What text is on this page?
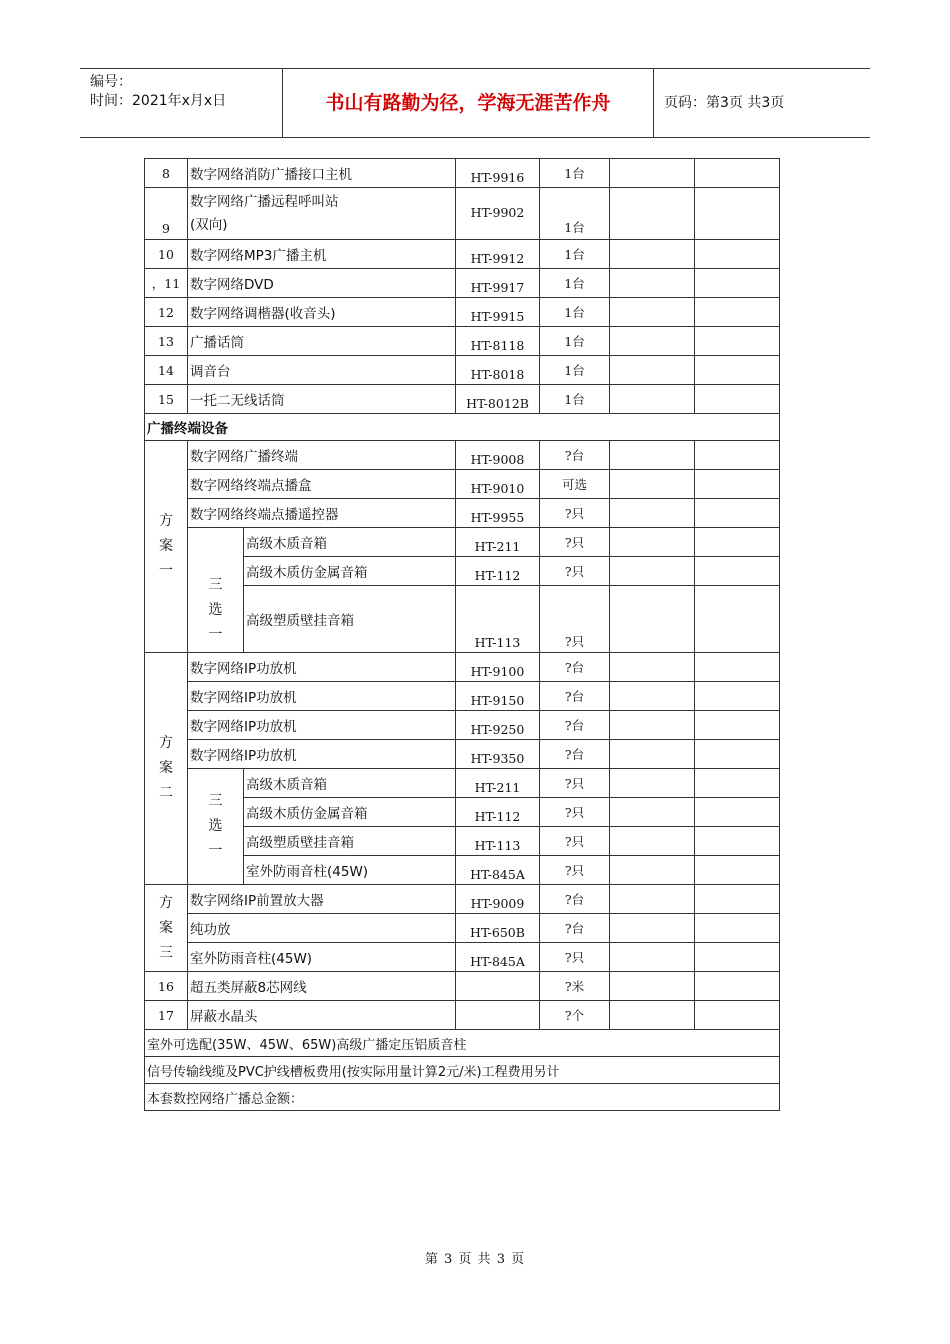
编号：
时间：2021年x月x日	书山有路勤为径，学海无涯苦作舟	页码：第3页 共3页
8	数字网络消防广播接口主机		HT-9916	1台		
9	数字网络广播远程呼叫站
(双向)		HT-9902	1台		
10	数字网络MP3广播主机		HT-9912	1台		
，11	数字网络DVD		HT-9917	1台		
12	数字网络调楷器(收音头)		HT-9915	1台		
13	广播话筒		HT-8118	1台		
14	调音台		HT-8018	1台		
15	一托二无线话筒		HT-8012B	1台		
广播终端设备						

方
案
一	数字网络广播终端		HT-9008	?台		
	数字网络终端点播盒		HT-9010	可选		
	数字网络终端点播遥控器		HT-9955	?只		

	三
选
一	高级木质音箱	HT-211	?只		
		高级木质仿金属音箱	HT-112	?只		
		高级塑质壁挂音箱	HT-113	?只		

方
案
二	数字网络IP功放机		HT-9100	?台		
	数字网络IP功放机		HT-9150	?台		
	数字网络IP功放机		HT-9250	?台		
	数字网络IP功放机		HT-9350	?台		

	三
选
一	高级木质音箱	HT-211	?只		
		高级木质仿金属音箱	HT-112	?只		
		高级塑质壁挂音箱	HT-113	?只		
		室外防雨音柱(45W)	HT-845A	?只		

方
案
三	数字网络IP前置放大器		HT-9009	?台		
	纯功放		HT-650B	?台		
	室外防雨音柱(45W)		HT-845A	?只		
16	超五类屏蔽8芯网线			?米		
17	屏蔽水晶头			?个		
室外可选配(35W、45W、65W)高级广播定压铝质音柱						
信号传输线缆及PVC护线槽板费用(按实际用量计算2元/米)工程费用另计						
本套数控网络广播总金额：						
第 3 页 共 3 页
